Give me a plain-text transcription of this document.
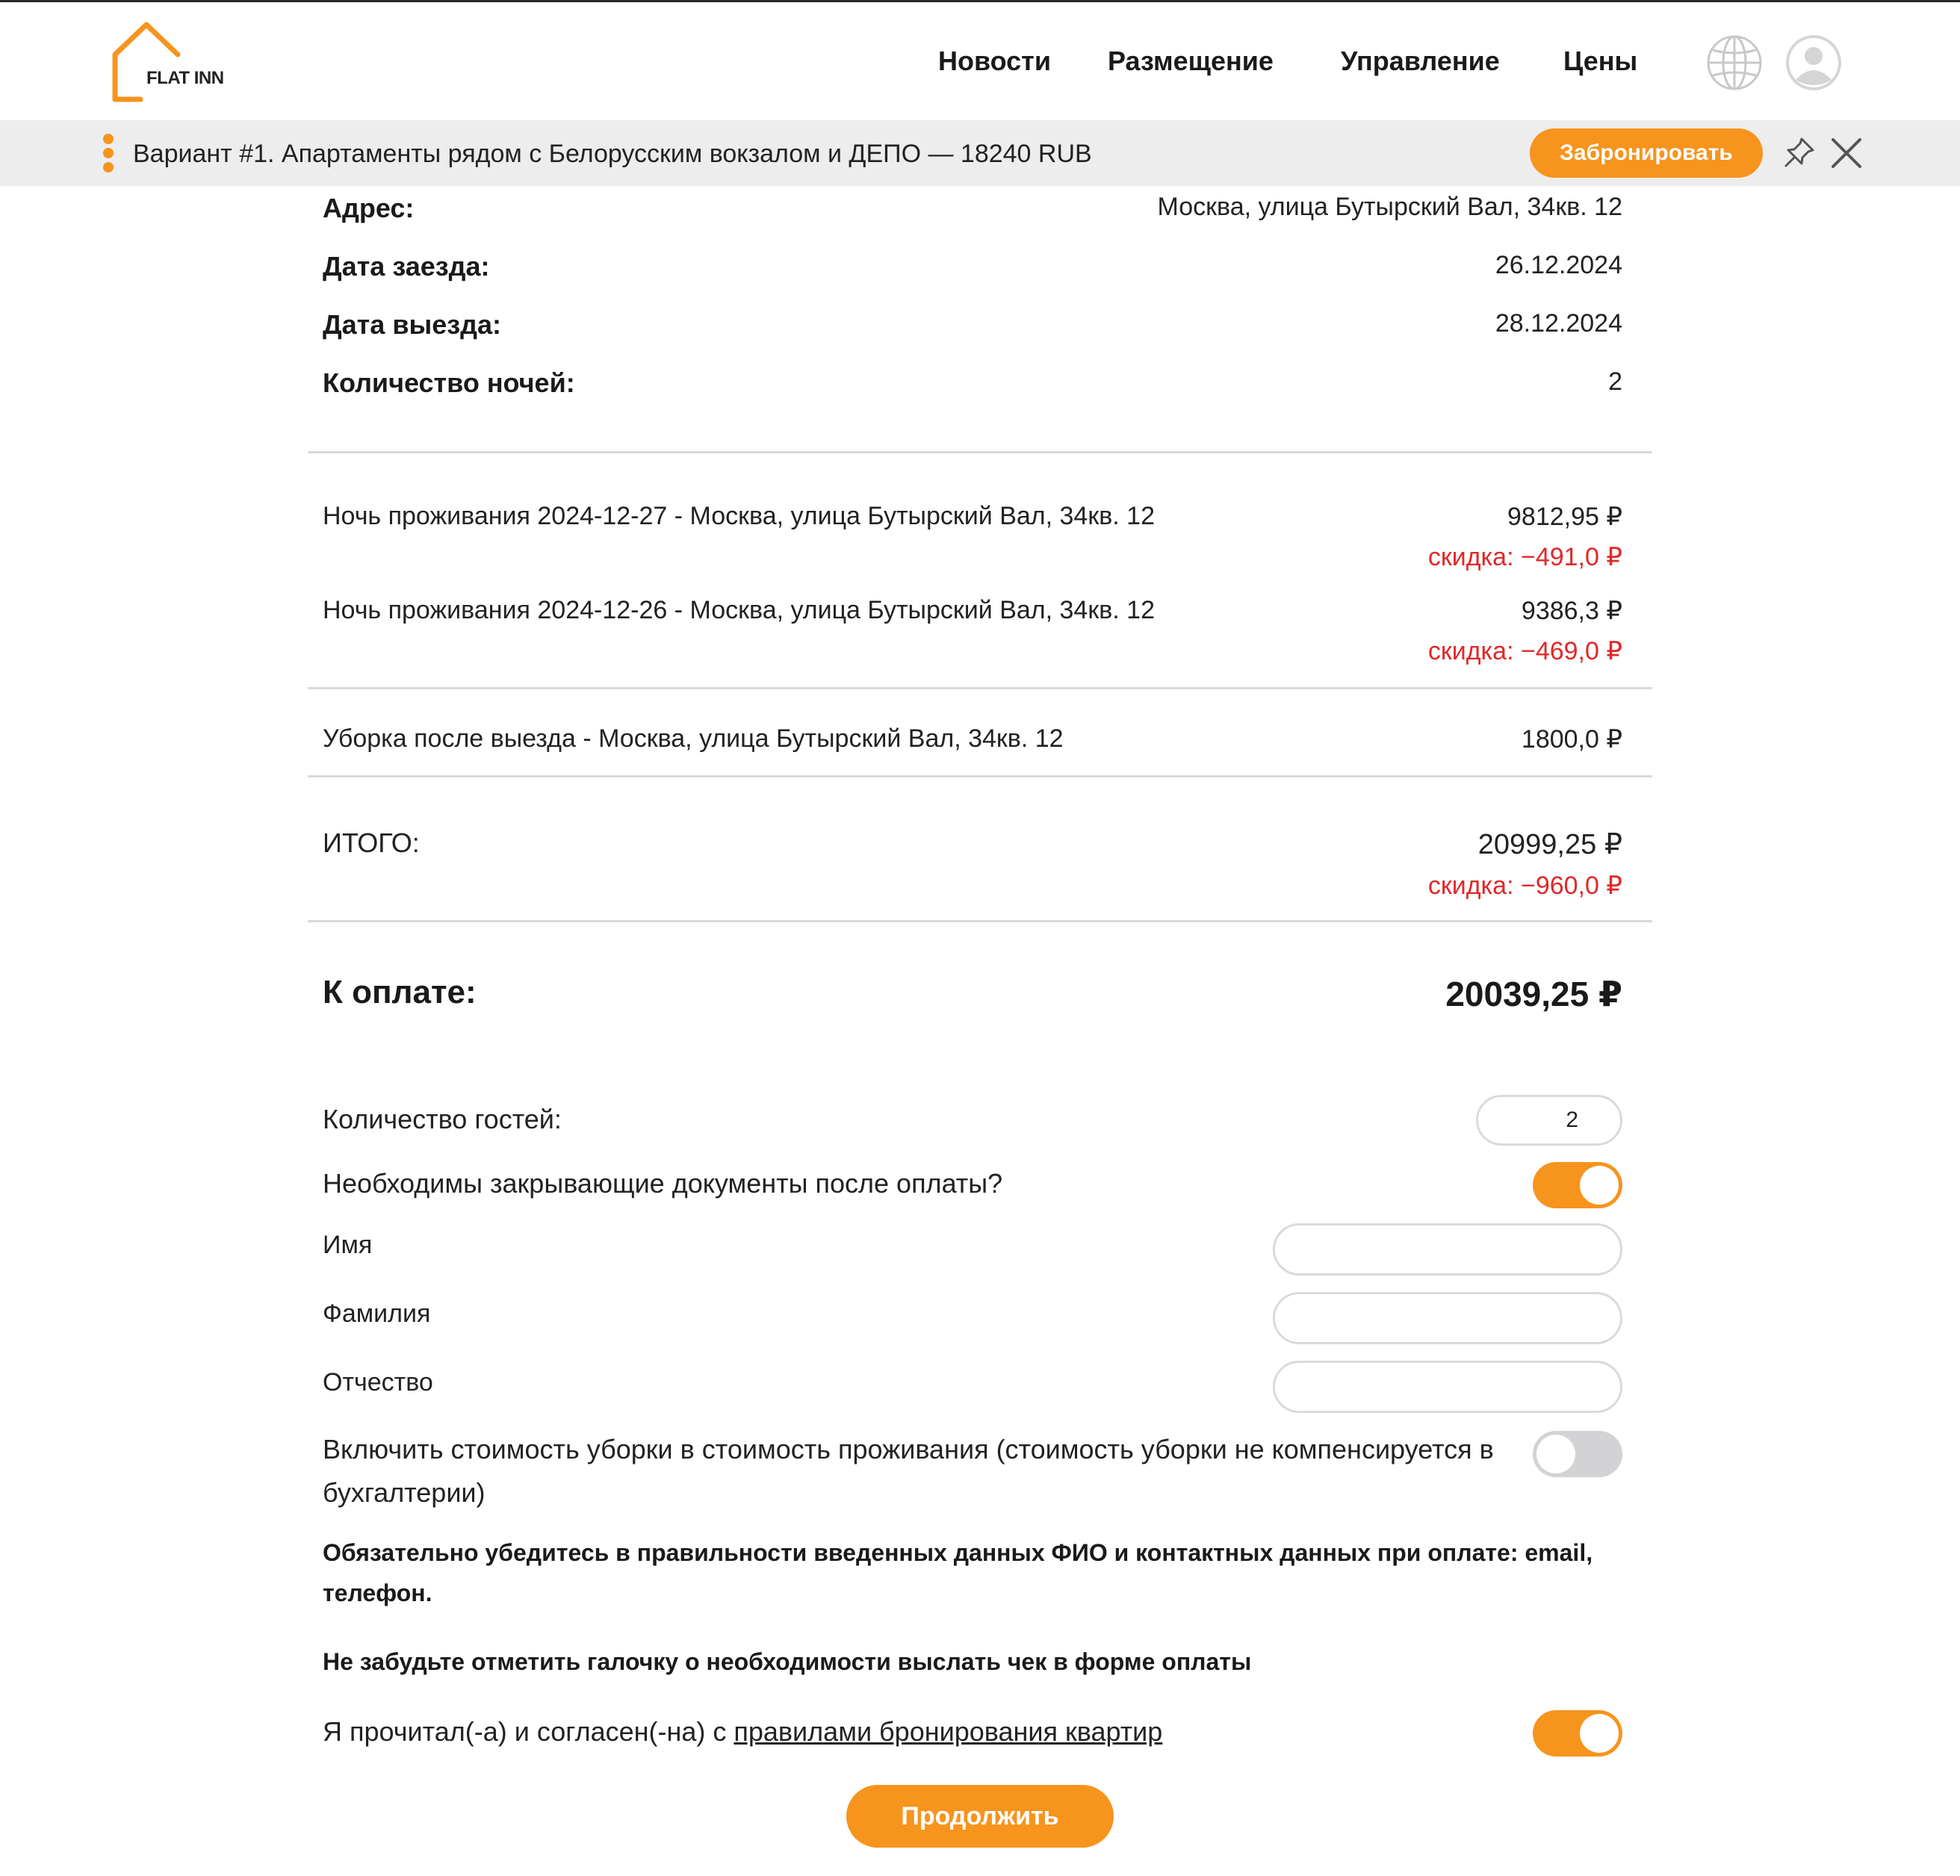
FLAT INN
Новости Размещение	Управление Цены
Вариант #1. Апартаменты рядом с Белорусским вокзалом и ДЕПО — 18240 RUB	Забронировать
Адрес:	Москва, улица Бутырский Вал, 34кв. 12
Дата заезда:	26.12.2024
Дата выезда:	28.12.2024
Количество ночей:	2
Ночь проживания 2024-12-27 - Москва, улица Бутырский Вал, 34кв. 12	9812,95 ₽
скидка: −491,0 ₽
Ночь проживания 2024-12-26 - Москва, улица Бутырский Вал, 34кв. 12	9386,3 ₽
скидка: −469,0 ₽
Уборка после выезда - Москва, улица Бутырский Вал, 34кв. 12	1800,0 ₽
ИТОГО:	20999,25 ₽
скидка: −960,0 ₽
К оплате:	20039,25 ₽
Количество гостей:	2
Необходимы закрывающие документы после оплаты?
Имя
Фамилия
Отчество
Включить стоимость уборки в стоимость проживания (стоимость уборки не компенсируется в бухгалтерии)
Обязательно убедитесь в правильности введенных данных ФИО и контактных данных при оплате: email, телефон.
Не забудьте отметить галочку о необходимости выслать чек в форме оплаты
Я прочитал(-а) и согласен(-на) с правилами бронирования квартир
Продолжить
